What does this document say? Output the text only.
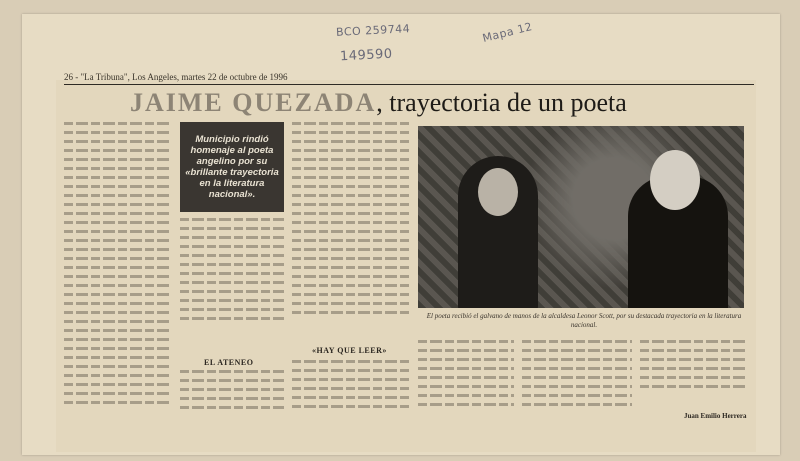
BCO 259744	Mapa 12
149590
26 - "La Tribuna", Los Angeles, martes 22 de octubre de 1996
JAIME QUEZADA, trayectoria de un poeta
Municipio rindió homenaje al poeta angelino por su «brillante trayectoria en la literatura nacional».
EL ATENEO
«HAY QUE LEER»
El poeta recibió el galvano de manos de la alcaldesa Leonor Scott, por su destacada trayectoria en la literatura nacional.
Juan Emilio Herrera
